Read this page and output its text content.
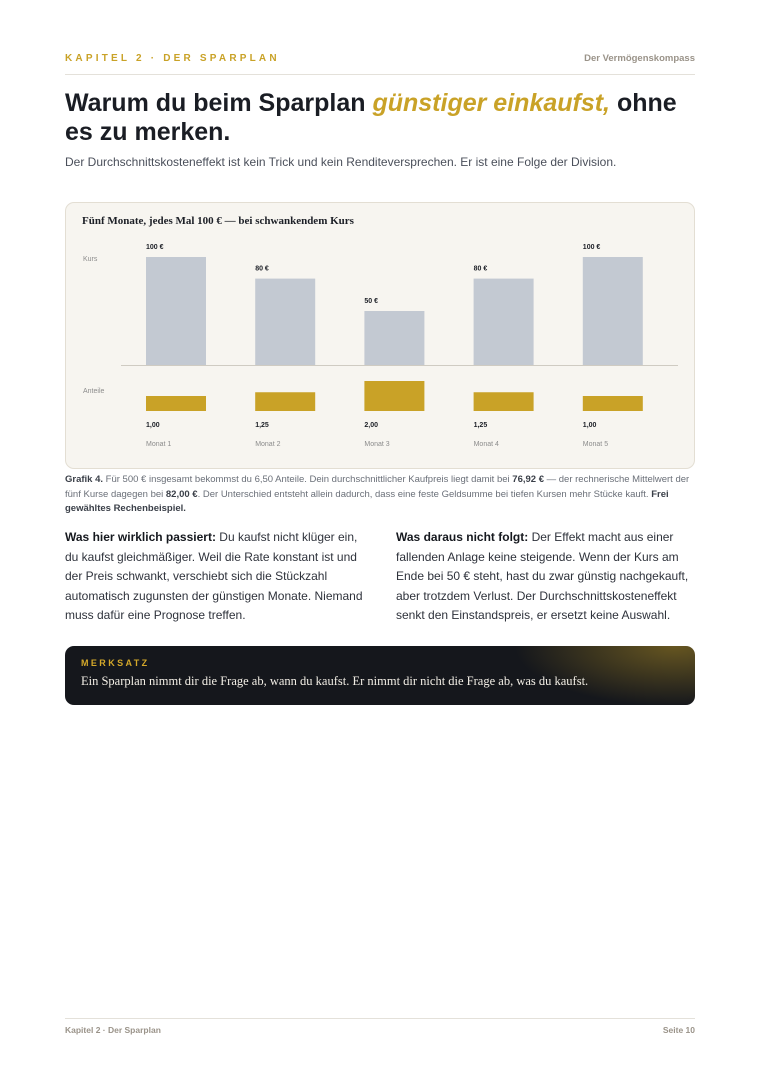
KAPITEL 2 · DER SPARPLAN	Der Vermögenskompass
Warum du beim Sparplan günstiger einkaufst, ohne es zu merken.

Der Durchschnittskosteneffekt ist kein Trick und kein Renditeversprechen. Er ist eine Folge der Division.

Fünf Monate, jedes Mal 100 € — bei schwankendem Kurs
Kurs
Anteile
100 €
1,00
Monat 1
80 €
1,25
Monat 2
50 €
2,00
Monat 3
80 €
1,25
Monat 4
100 €
1,00
Monat 5

Grafik 4. Für 500 € insgesamt bekommst du 6,50 Anteile. Dein durchschnittlicher Kaufpreis liegt damit bei 76,92 € — der rechnerische Mittelwert der fünf Kurse dagegen bei 82,00 €. Der Unterschied entsteht allein dadurch, dass eine feste Geldsumme bei tiefen Kursen mehr Stücke kauft. Frei gewähltes Rechenbeispiel.

Was hier wirklich passiert: Du kaufst nicht klüger ein, du kaufst gleichmäßiger. Weil die Rate konstant ist und der Preis schwankt, verschiebt sich die Stückzahl automatisch zugunsten der günstigen Monate. Niemand muss dafür eine Prognose treffen.

Was daraus nicht folgt: Der Effekt macht aus einer fallenden Anlage keine steigende. Wenn der Kurs am Ende bei 50 € steht, hast du zwar günstig nachgekauft, aber trotzdem Verlust. Der Durchschnittskosteneffekt senkt den Einstandspreis, er ersetzt keine Auswahl.

MERKSATZ
Ein Sparplan nimmt dir die Frage ab, wann du kaufst. Er nimmt dir nicht die Frage ab, was du kaufst.
Kapitel 2 · Der Sparplan	Seite 10
